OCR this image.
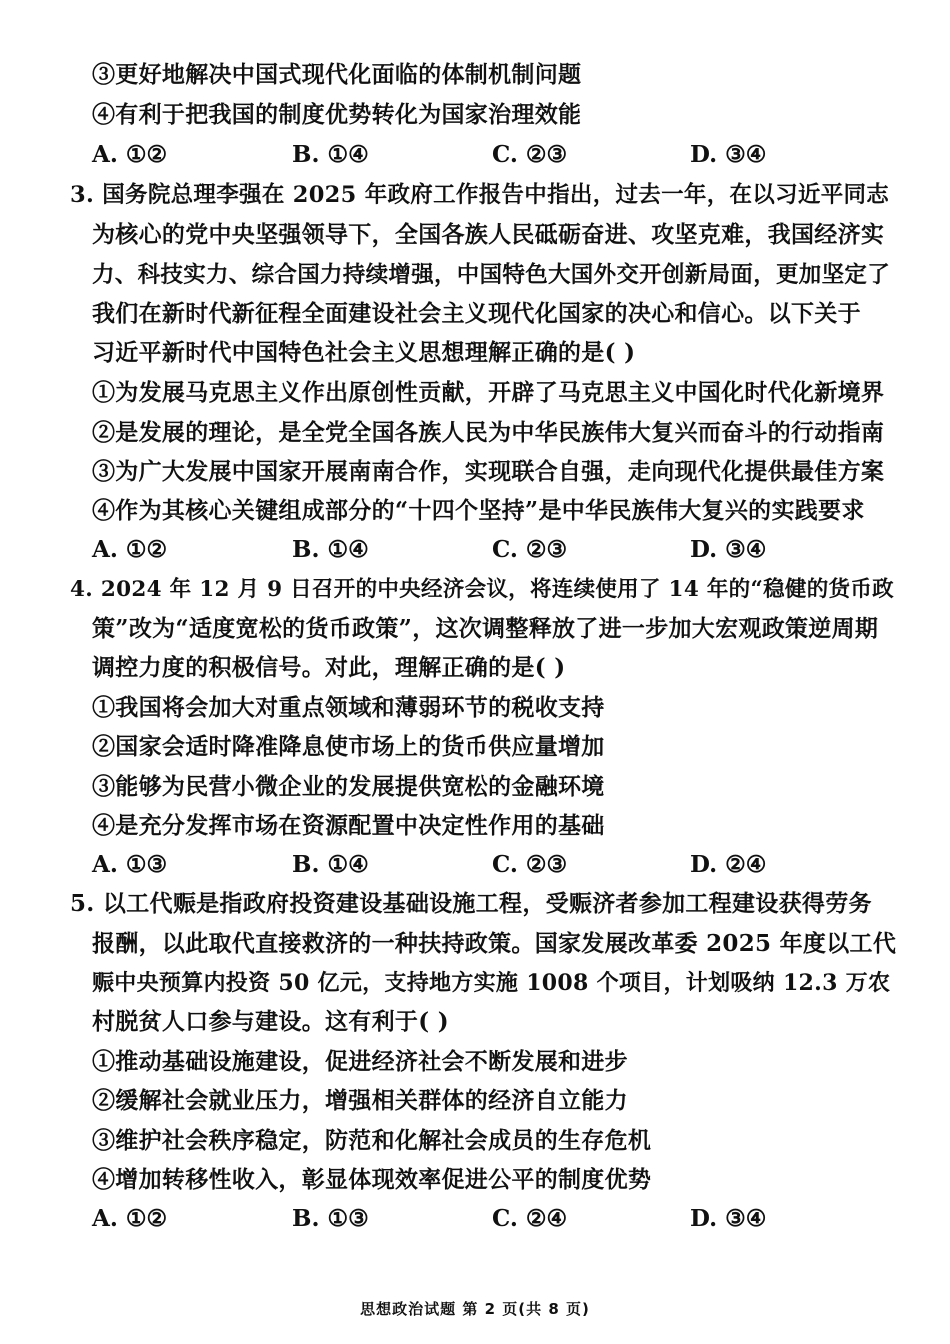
③更好地解决中国式现代化面临的体制机制问题
④有利于把我国的制度优势转化为国家治理效能
A. ①②	B. ①④	C. ②③	D. ③④
3. 国务院总理李强在 2025 年政府工作报告中指出，过去一年，在以习近平同志
为核心的党中央坚强领导下，全国各族人民砥砺奋进、攻坚克难，我国经济实
力、科技实力、综合国力持续增强，中国特色大国外交开创新局面，更加坚定了
我们在新时代新征程全面建设社会主义现代化国家的决心和信心。以下关于
习近平新时代中国特色社会主义思想理解正确的是( )
①为发展马克思主义作出原创性贡献，开辟了马克思主义中国化时代化新境界
②是发展的理论，是全党全国各族人民为中华民族伟大复兴而奋斗的行动指南
③为广大发展中国家开展南南合作，实现联合自强，走向现代化提供最佳方案
④作为其核心关键组成部分的“十四个坚持”是中华民族伟大复兴的实践要求
A. ①②	B. ①④	C. ②③	D. ③④
4. 2024 年 12 月 9 日召开的中央经济会议，将连续使用了 14 年的“稳健的货币政
策”改为“适度宽松的货币政策”，这次调整释放了进一步加大宏观政策逆周期
调控力度的积极信号。对此，理解正确的是( )
①我国将会加大对重点领域和薄弱环节的税收支持
②国家会适时降准降息使市场上的货币供应量增加
③能够为民营小微企业的发展提供宽松的金融环境
④是充分发挥市场在资源配置中决定性作用的基础
A. ①③	B. ①④	C. ②③	D. ②④
5. 以工代赈是指政府投资建设基础设施工程，受赈济者参加工程建设获得劳务
报酬，以此取代直接救济的一种扶持政策。国家发展改革委 2025 年度以工代
赈中央预算内投资 50 亿元，支持地方实施 1008 个项目，计划吸纳 12.3 万农
村脱贫人口参与建设。这有利于( )
①推动基础设施建设，促进经济社会不断发展和进步
②缓解社会就业压力，增强相关群体的经济自立能力
③维护社会秩序稳定，防范和化解社会成员的生存危机
④增加转移性收入，彰显体现效率促进公平的制度优势
A. ①②	B. ①③	C. ②④	D. ③④
思想政治试题 第 2 页(共 8 页)
